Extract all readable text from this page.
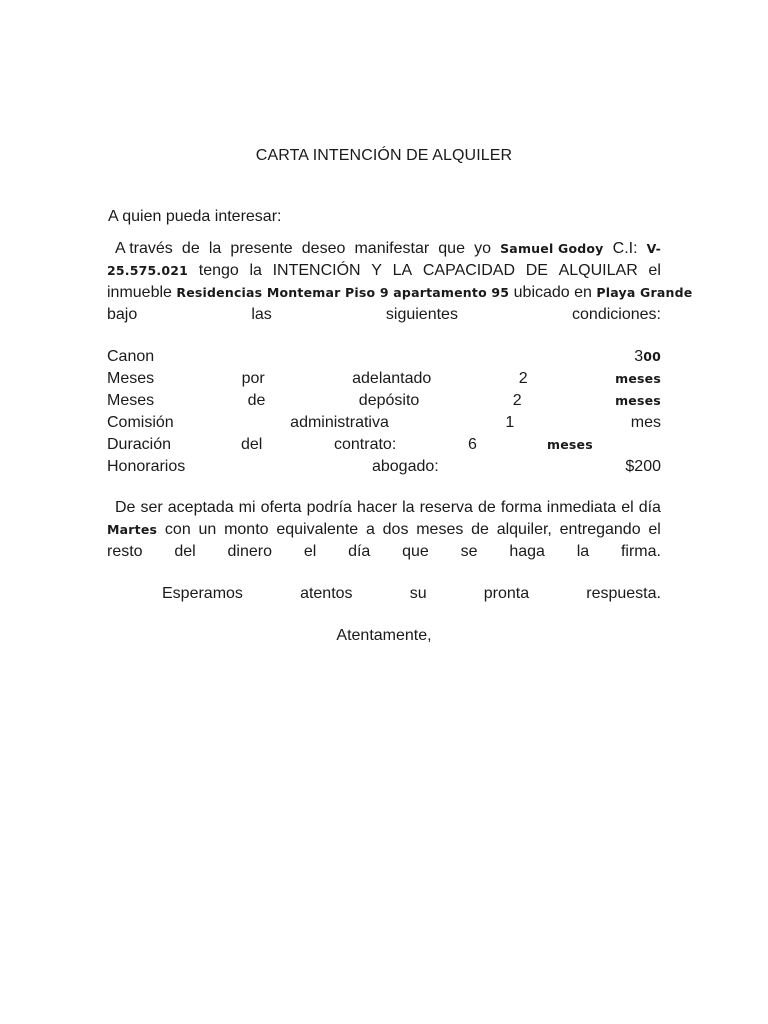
CARTA INTENCIÓN DE ALQUILER
A quien pueda interesar:
A través de la presente deseo manifestar que yo Samuel Godoy C.I: V-
25.575.021 tengo la INTENCIÓN Y LA CAPACIDAD DE ALQUILAR el
inmueble Residencias Montemar Piso 9 apartamento 95 ubicado en Playa Grande
bajo	las	siguientes	condiciones:
Canon	300
Meses	por	adelantado	2	meses
Meses	de	depósito	2	meses
Comisión	administrativa	1	mes
Duración	del	contrato:	6	meses
Honorarios	abogado:	$200
De ser aceptada mi oferta podría hacer la reserva de forma inmediata el día
Martes con un monto equivalente a dos meses de alquiler, entregando el
resto del dinero el día que se haga la firma.
Esperamos	atentos	su	pronta	respuesta.
Atentamente,
